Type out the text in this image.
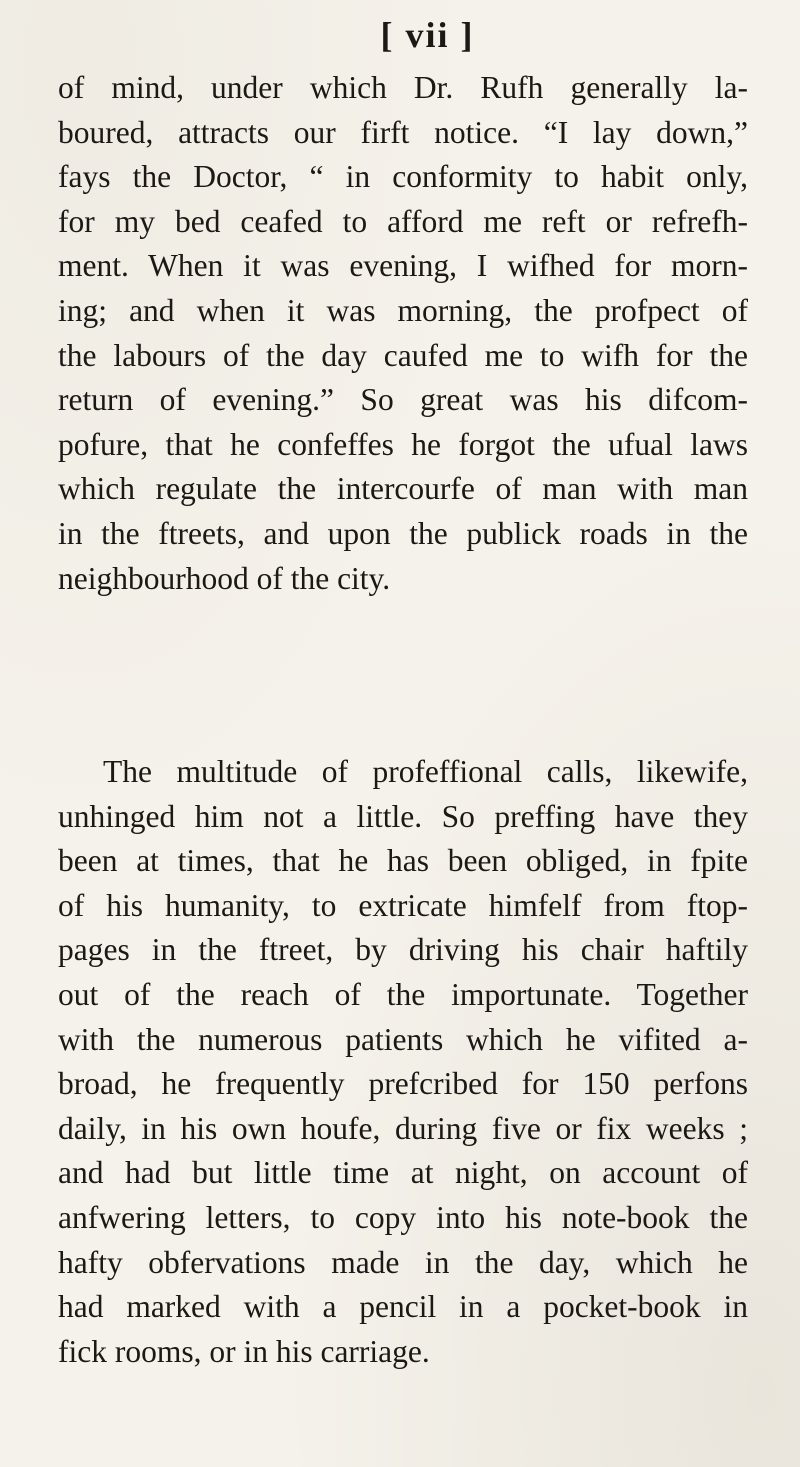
[ vii ]
of mind, under which Dr. Rufh generally la-
boured, attracts our firft notice. “I lay down,”
fays the Doctor, “ in conformity to habit only,
for my bed ceafed to afford me reft or refrefh-
ment. When it was evening, I wifhed for morn-
ing; and when it was morning, the profpect of
the labours of the day caufed me to wifh for the
return of evening.” So great was his difcom-
pofure, that he confeffes he forgot the ufual laws
which regulate the intercourfe of man with man
in the ftreets, and upon the publick roads in the
neighbourhood of the city.
The multitude of profeffional calls, likewife,
unhinged him not a little. So preffing have they
been at times, that he has been obliged, in fpite
of his humanity, to extricate himfelf from ftop-
pages in the ftreet, by driving his chair haftily
out of the reach of the importunate. Together
with the numerous patients which he vifited a-
broad, he frequently prefcribed for 150 perfons
daily, in his own houfe, during five or fix weeks ;
and had but little time at night, on account of
anfwering letters, to copy into his note-book the
hafty obfervations made in the day, which he
had marked with a pencil in a pocket-book in
fick rooms, or in his carriage.
